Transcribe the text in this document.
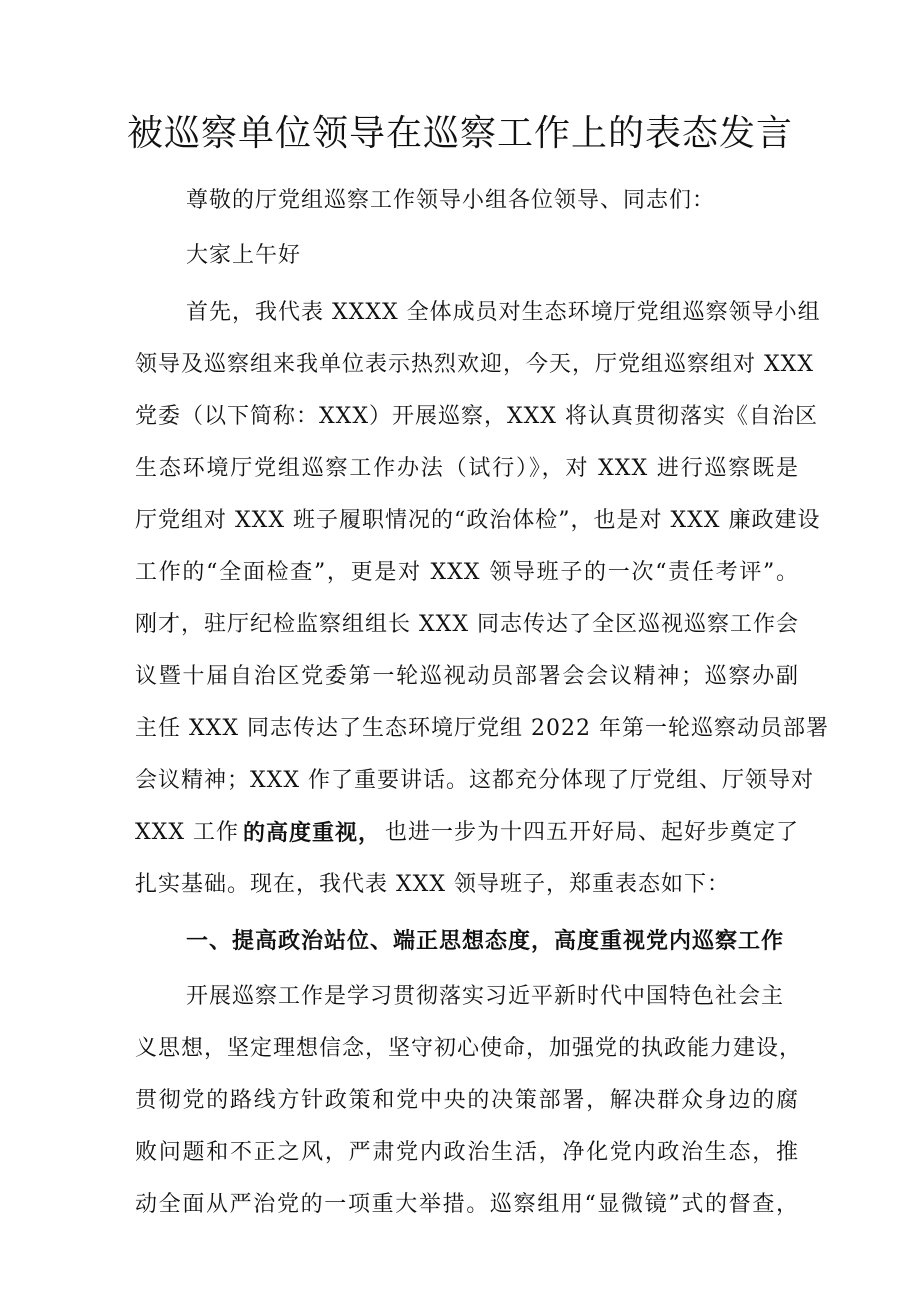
被巡察单位领导在巡察工作上的表态发言
尊敬的厅党组巡察工作领导小组各位领导、同志们：
大家上午好
首先，我代表 XXXX 全体成员对生态环境厅党组巡察领导小组
领导及巡察组来我单位表示热烈欢迎，今天，厅党组巡察组对 XXX
党委（以下简称：XXX）开展巡察，XXX 将认真贯彻落实《自治区
生态环境厅党组巡察工作办法（试行）》，对 XXX 进行巡察既是
厅党组对 XXX 班子履职情况的“政治体检”，也是对 XXX 廉政建设
工作的“全面检查”，更是对 XXX 领导班子的一次“责任考评”。
刚才，驻厅纪检监察组组长 XXX 同志传达了全区巡视巡察工作会
议暨十届自治区党委第一轮巡视动员部署会会议精神；巡察办副
主任 XXX 同志传达了生态环境厅党组 2022 年第一轮巡察动员部署
会议精神；XXX 作了重要讲话。这都充分体现了厅党组、厅领导对
XXX 工作 的高度重视， 也进一步为十四五开好局、起好步奠定了
扎实基础。现在，我代表 XXX 领导班子，郑重表态如下：
一、提高政治站位、端正思想态度，高度重视党内巡察工作
开展巡察工作是学习贯彻落实习近平新时代中国特色社会主
义思想，坚定理想信念，坚守初心使命，加强党的执政能力建设，
贯彻党的路线方针政策和党中央的决策部署，解决群众身边的腐
败问题和不正之风，严肃党内政治生活，净化党内政治生态，推
动全面从严治党的一项重大举措。巡察组用“显微镜”式的督查，
